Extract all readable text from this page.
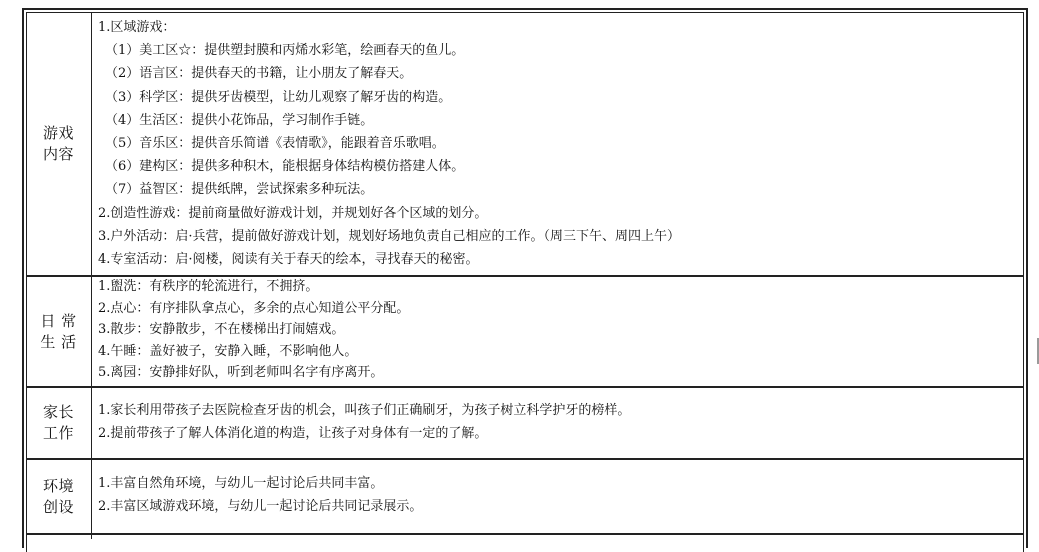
游戏
内容
1.区域游戏：
（1）美工区☆：提供塑封膜和丙烯水彩笔，绘画春天的鱼儿。
（2）语言区：提供春天的书籍，让小朋友了解春天。
（3）科学区：提供牙齿模型，让幼儿观察了解牙齿的构造。
（4）生活区：提供小花饰品，学习制作手链。
（5）音乐区：提供音乐简谱《表情歌》，能跟着音乐歌唱。
（6）建构区：提供多种积木，能根据身体结构模仿搭建人体。
（7）益智区：提供纸牌，尝试探索多种玩法。
2.创造性游戏：提前商量做好游戏计划，并规划好各个区域的划分。
3.户外活动：启·兵营，提前做好游戏计划，规划好场地负责自己相应的工作。（周三下午、周四上午）
4.专室活动：启·阅楼，阅读有关于春天的绘本，寻找春天的秘密。
日 常
生 活
1.盥洗：有秩序的轮流进行，不拥挤。
2.点心：有序排队拿点心，多余的点心知道公平分配。
3.散步：安静散步，不在楼梯出打闹嬉戏。
4.午睡：盖好被子，安静入睡，不影响他人。
5.离园：安静排好队，听到老师叫名字有序离开。
家长
工作
1.家长利用带孩子去医院检查牙齿的机会，叫孩子们正确刷牙，为孩子树立科学护牙的榜样。
2.提前带孩子了解人体消化道的构造，让孩子对身体有一定的了解。
环境
创设
1.丰富自然角环境，与幼儿一起讨论后共同丰富。
2.丰富区域游戏环境，与幼儿一起讨论后共同记录展示。
